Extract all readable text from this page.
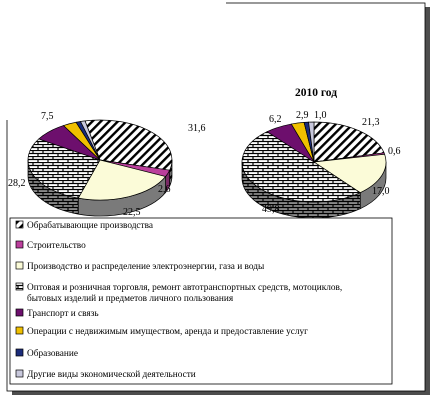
2010 год
31,6
2,6
22,5
28,2
7,5
21,3
0,6
17,0
49,8
6,2 2,9 1,0
Обрабатывающие производства
Строительство
Производство и распределение электроэнергии, газа и воды
Оптовая и розничная торговля, ремонт автотранспортных средств, мотоциклов,
бытовых изделий и предметов личного пользования
Транспорт и связь
Операции с недвижимым имуществом, аренда и предоставление услуг
Образование
Другие виды экономической деятельности
